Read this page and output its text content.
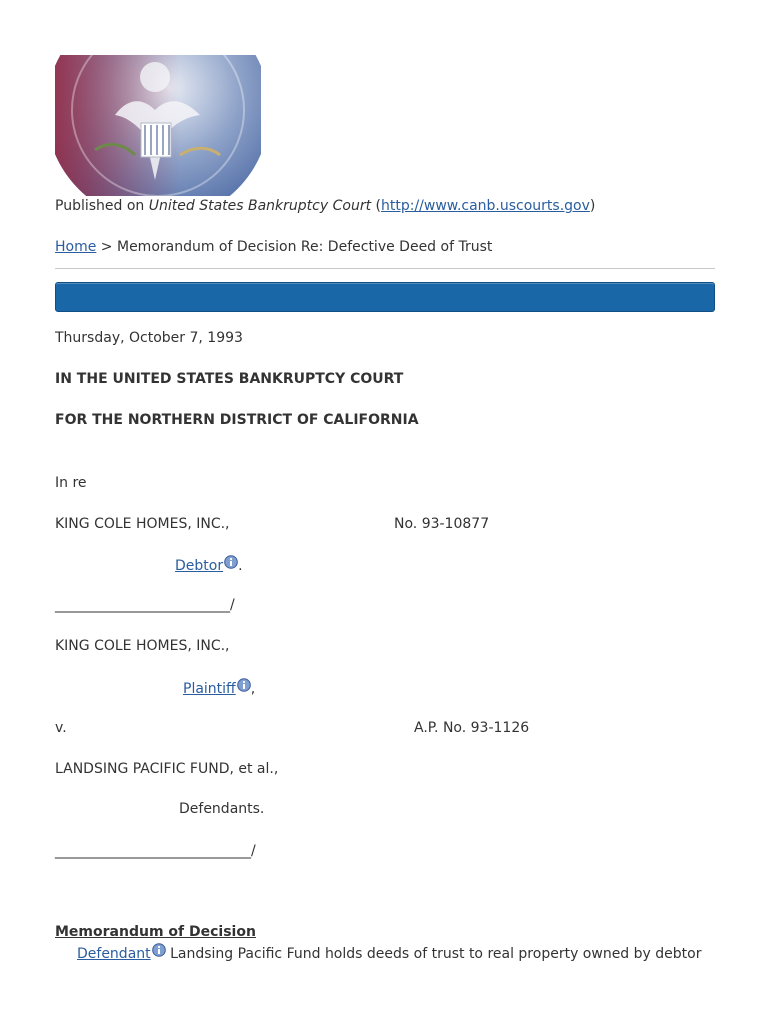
Published on United States Bankruptcy Court (http://www.canb.uscourts.gov)
Home > Memorandum of Decision Re: Defective Deed of Trust
Thursday, October 7, 1993
IN THE UNITED STATES BANKRUPTCY COURT
FOR THE NORTHERN DISTRICT OF CALIFORNIA
In re
KING COLE HOMES, INC.,	No. 93-10877
Debtor .
_________________________/
KING COLE HOMES, INC.,
Plaintiff ,
v.	A.P. No. 93-1126
LANDSING PACIFIC FUND, et al.,
Defendants.
____________________________/
Memorandum of Decision
Defendant Landsing Pacific Fund holds deeds of trust to real property owned by debtor
